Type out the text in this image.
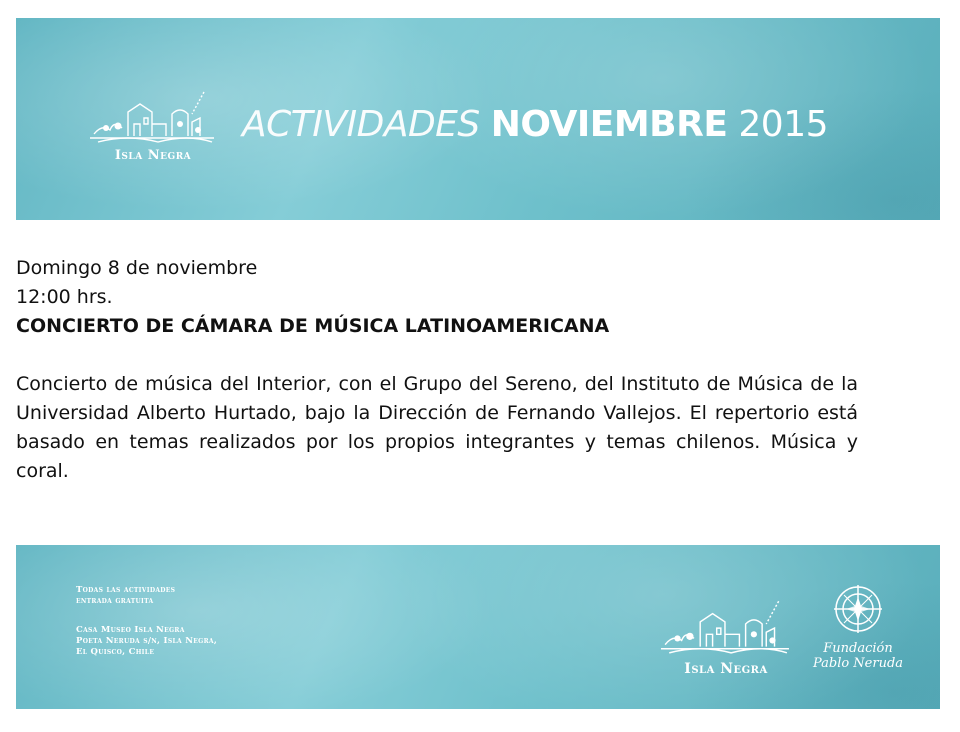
Isla Negra
ACTIVIDADES NOVIEMBRE 2015
Domingo 8 de noviembre
12:00 hrs.
CONCIERTO DE CÁMARA DE MÚSICA LATINOAMERICANA
Concierto de música del Interior, con el Grupo del Sereno, del Instituto de Música de la Universidad Alberto Hurtado, bajo la Dirección de Fernando Vallejos. El repertorio está basado en temas realizados por los propios integrantes y temas chilenos. Música y coral.
Todas las actividades
entrada gratuita
Casa Museo Isla Negra
Poeta Neruda s/n, Isla Negra,
El Quisco, Chile
Isla Negra
Fundación
Pablo Neruda
